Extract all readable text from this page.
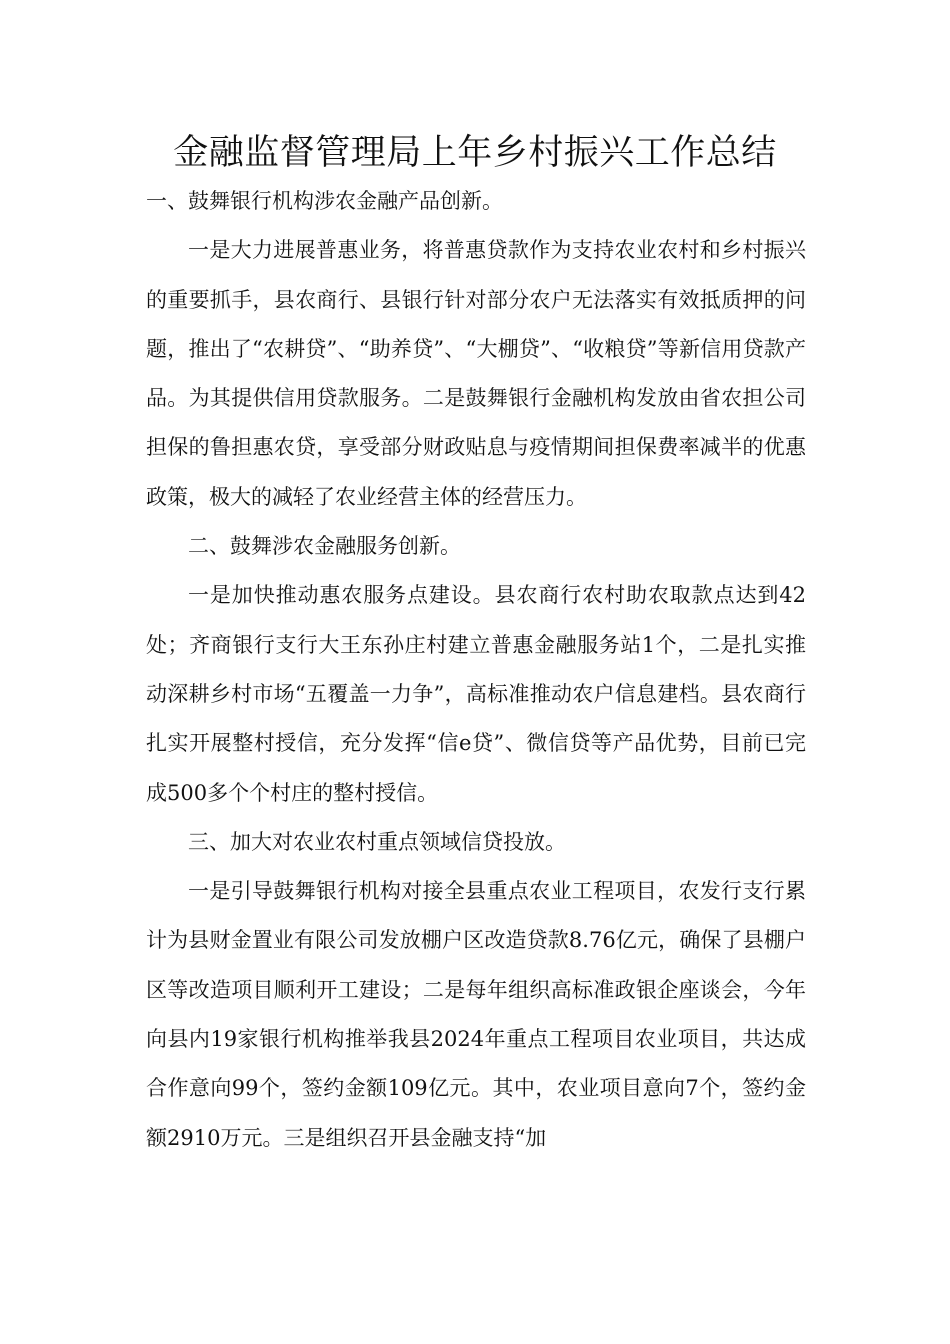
金融监督管理局上年乡村振兴工作总结

一、鼓舞银行机构涉农金融产品创新。

一是大力进展普惠业务，将普惠贷款作为支持农业农村和乡村振兴的重要抓手，县农商行、县银行针对部分农户无法落实有效抵质押的问题，推出了“农耕贷”、“助养贷”、“大棚贷”、“收粮贷”等新信用贷款产品。为其提供信用贷款服务。二是鼓舞银行金融机构发放由省农担公司担保的鲁担惠农贷，享受部分财政贴息与疫情期间担保费率减半的优惠政策，极大的减轻了农业经营主体的经营压力。

二、鼓舞涉农金融服务创新。

一是加快推动惠农服务点建设。县农商行农村助农取款点达到42处；齐商银行支行大王东孙庄村建立普惠金融服务站1个，二是扎实推动深耕乡村市场“五覆盖一力争”，高标准推动农户信息建档。县农商行扎实开展整村授信，充分发挥“信e贷”、微信贷等产品优势，目前已完成500多个个村庄的整村授信。

三、加大对农业农村重点领域信贷投放。

一是引导鼓舞银行机构对接全县重点农业工程项目，农发行支行累计为县财金置业有限公司发放棚户区改造贷款8.76亿元，确保了县棚户区等改造项目顺利开工建设；二是每年组织高标准政银企座谈会，今年向县内19家银行机构推举我县2024年重点工程项目农业项目，共达成合作意向99个，签约金额109亿元。其中，农业项目意向7个，签约金额2910万元。三是组织召开县金融支持“加
